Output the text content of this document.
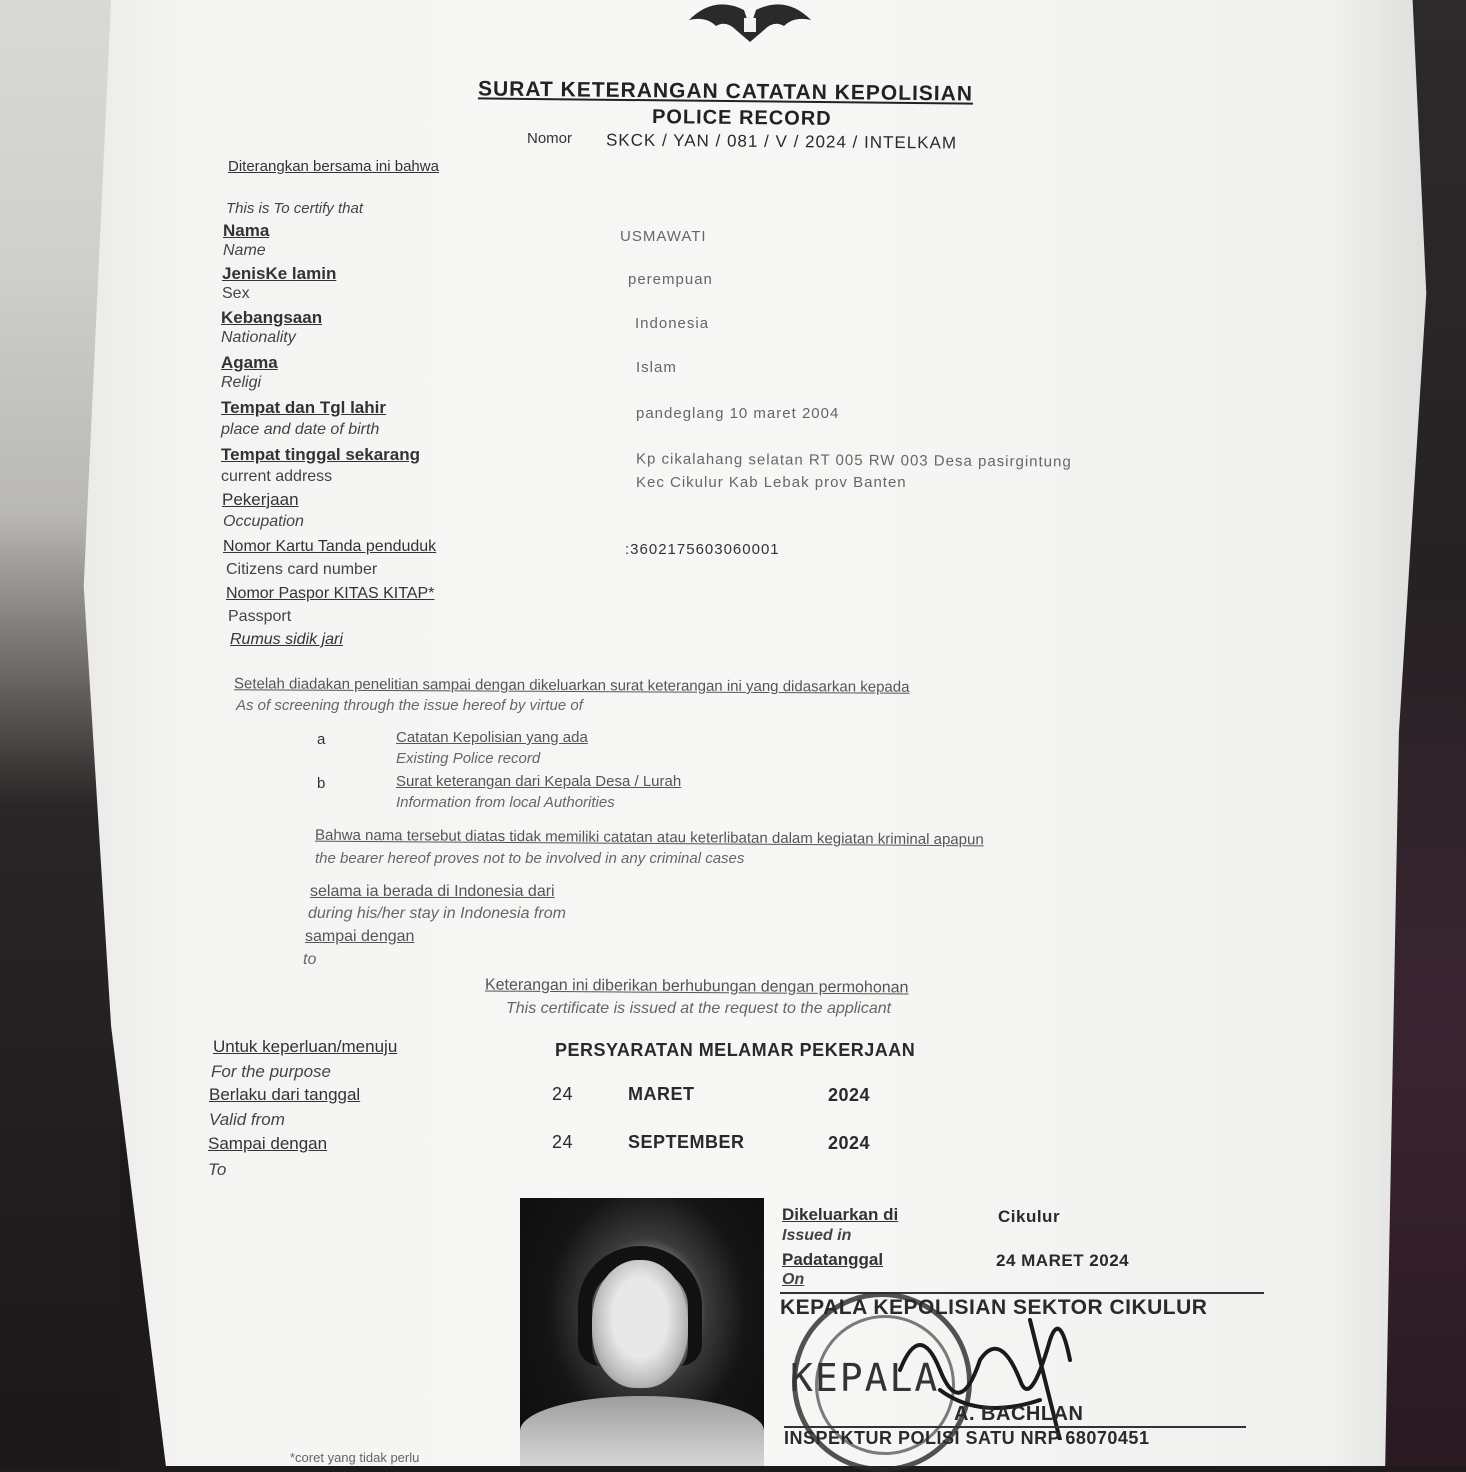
SURAT KETERANGAN CATATAN KEPOLISIAN
POLICE RECORD
Nomor SKCK / YAN / 081 / V / 2024 / INTELKAM
Diterangkan bersama ini bahwa
This is To certify that
Nama
Name
USMAWATI
JenisKe lamin
Sex
perempuan
Kebangsaan
Nationality
Indonesia
Agama
Religi
Islam
Tempat dan Tgl lahir
place and date of birth
pandeglang 10 maret 2004
Tempat tinggal sekarang
current address
Kp cikalahang selatan RT 005 RW 003 Desa pasirgintung
Kec Cikulur Kab Lebak prov Banten
Pekerjaan
Occupation
Nomor Kartu Tanda penduduk
Citizens card number
:3602175603060001
Nomor Paspor KITAS KITAP*
Passport
Rumus sidik jari
Setelah diadakan penelitian sampai dengan dikeluarkan surat keterangan ini yang didasarkan kepada
As of screening through the issue hereof by virtue of
a	Catatan Kepolisian yang ada
Existing Police record
b	Surat keterangan dari Kepala Desa / Lurah
Information from local Authorities
Bahwa nama tersebut diatas tidak memiliki catatan atau keterlibatan dalam kegiatan kriminal apapun
the bearer hereof proves not to be involved in any criminal cases
selama ia berada di Indonesia dari
during his/her stay in Indonesia from
sampai dengan
to
Keterangan ini diberikan berhubungan dengan permohonan
This certificate is issued at the request to the applicant
Untuk keperluan/menuju
For the purpose
PERSYARATAN MELAMAR PEKERJAAN
Berlaku dari tanggal
Valid from
24	MARET	2024
Sampai dengan
To
24	SEPTEMBER	2024
Dikeluarkan di
Issued in
Cikulur
Padatanggal
On
24 MARET 2024
KEPALA KEPOLISIAN SEKTOR CIKULUR
KEPALA
A. BACHLAN
INSPEKTUR POLISI SATU NRP 68070451
*coret yang tidak perlu
